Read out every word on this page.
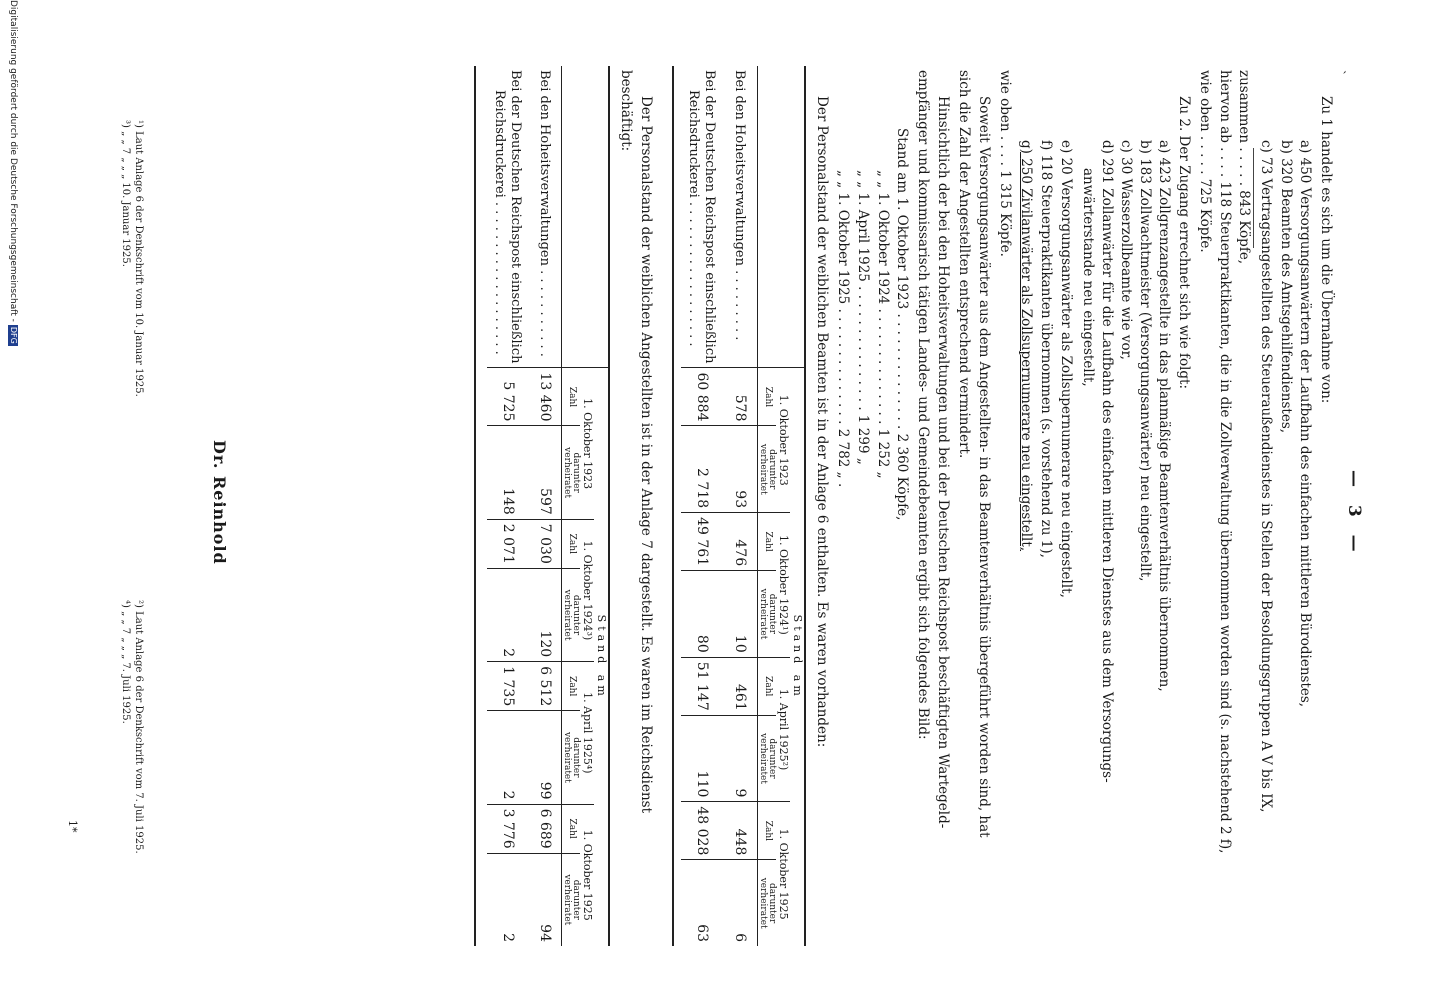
— 3 —
˴
Zu 1 handelt es sich um die Übernahme von:
a) 450 Versorgungsanwärtern der Laufbahn des einfachen mittleren Bürodienstes,
b) 320 Beamten des Amtsgehilfendienstes,
c) 73 Vertragsangestellten des Steueraußendienstes in Stellen der Besoldungsgruppen A V bis IX,
zusammen . . . . . 843 Köpfe,
hiervon ab . . . . 118 Steuerpraktikanten, die in die Zollverwaltung übernommen worden sind (s. nachstehend 2 f),
wie oben . . . . . 725 Köpfe.
Zu 2. Der Zugang errechnet sich wie folgt:
a) 423 Zollgrenzangestellte in das planmäßige Beamtenverhältnis übernommen,
b) 183 Zollwachtmeister (Versorgungsanwärter) neu eingestellt,
c) 30 Wasserzollbeamte wie vor,
d) 291 Zollanwärter für die Laufbahn des einfachen mittleren Dienstes aus dem Versorgungs-
anwärterstande neu eingestellt,
e) 20 Versorgungsanwärter als Zollsupernumerare neu eingestellt,
f) 118 Steuerpraktikanten übernommen (s. vorstehend zu 1),
g) 250 Zivilanwärter als Zollsupernumerare neu eingestellt,
wie oben . . . . 1 315 Köpfe.
Soweit Versorgungsanwärter aus dem Angestellten- in das Beamtenverhältnis übergeführt worden sind, hat
sich die Zahl der Angestellten entsprechend vermindert.
Hinsichtlich der bei den Hoheitsverwaltungen und bei der Deutschen Reichspost beschäftigten Wartegeld-
empfänger und kommissarisch tätigen Landes- und Gemeindebeamten ergibt sich folgendes Bild:
Stand am 1. Oktober 1923 . . . . . . . . . . . . . . 2 360 Köpfe,
„ „ 1. Oktober 1924 . . . . . . . . . . . . . . 1 252 „
„ „ 1. April 1925 . . . . . . . . . . . . . . . 1 299 „
„ „ 1. Oktober 1925 . . . . . . . . . . . . . . 2 782 „ .
Der Personalstand der weiblichen Beamten ist in der Anlage 6 enthalten. Es waren vorhanden:
	Stand am							
	1. Oktober 1923		1. Oktober 1924¹)		1. April 1925²)		1. Oktober 1925	
	Zahl	darunter verheiratet	Zahl	darunter verheiratet	Zahl	darunter verheiratet	Zahl	darunter verheiratet
Bei den Hoheitsverwaltungen . . . . . . . . .	578	93	476	10	461	9	448	6

Bei der Deutschen Reichspost einschließlich
Reichsdruckerei . . . . . . . . . . . . . . . . . .	60 884	2 718	49 761	80	51 147	110	48 028	63
Der Personalstand der weiblichen Angestellten ist in der Anlage 7 dargestellt. Es waren im Reichsdienst
beschäftigt:
	Stand am							
	1. Oktober 1923		1. Oktober 1924³)		1. April 1925⁴)		1. Oktober 1925	
	Zahl	darunter verheiratet	Zahl	darunter verheiratet	Zahl	darunter verheiratet	Zahl	darunter verheiratet
Bei den Hoheitsverwaltungen . . . . . . . . . . .	13 460	597	7 030	120	6 512	99	6 689	94

Bei der Deutschen Reichspost einschließlich
Reichsdruckerei . . . . . . . . . . . . . . . . . . .	5 725	148	2 071	2	1 735	2	3 776	2
Dr. Reinhold
¹) Laut Anlage 6 der Denkschrift vom 10. Januar 1925.
³) „ „ 7 „ „ „ 10. Januar 1925.
²) Laut Anlage 6 der Denkschrift vom 7. Juli 1925.
⁴) „ „ 7 „ „ „ 7. Juli 1925.
1*
Digitalisierung gefördert durch die Deutsche Forschungsgemeinschaft -DFG
